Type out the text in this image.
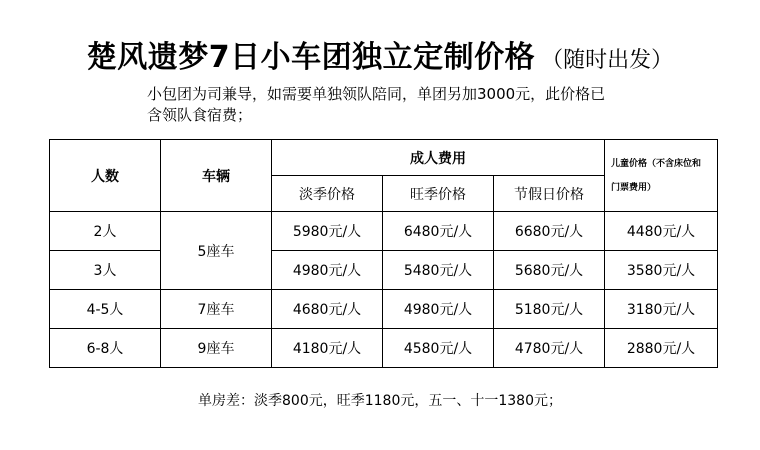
楚风遗梦7日小车团独立定制价格 （随时出发）
小包团为司兼导，如需要单独领队陪同，单团另加3000元，此价格已
含领队食宿费；
人数	车辆	成人费用			儿童价格（不含床位和
门票费用）

		淡季价格	旺季价格	节假日价格	
2人	5座车	5980元/人	6480元/人	6680元/人	4480元/人
3人		4980元/人	5480元/人	5680元/人	3580元/人
4-5人	7座车	4680元/人	4980元/人	5180元/人	3180元/人
6-8人	9座车	4180元/人	4580元/人	4780元/人	2880元/人
单房差：淡季800元，旺季1180元，五一、十一1380元；
